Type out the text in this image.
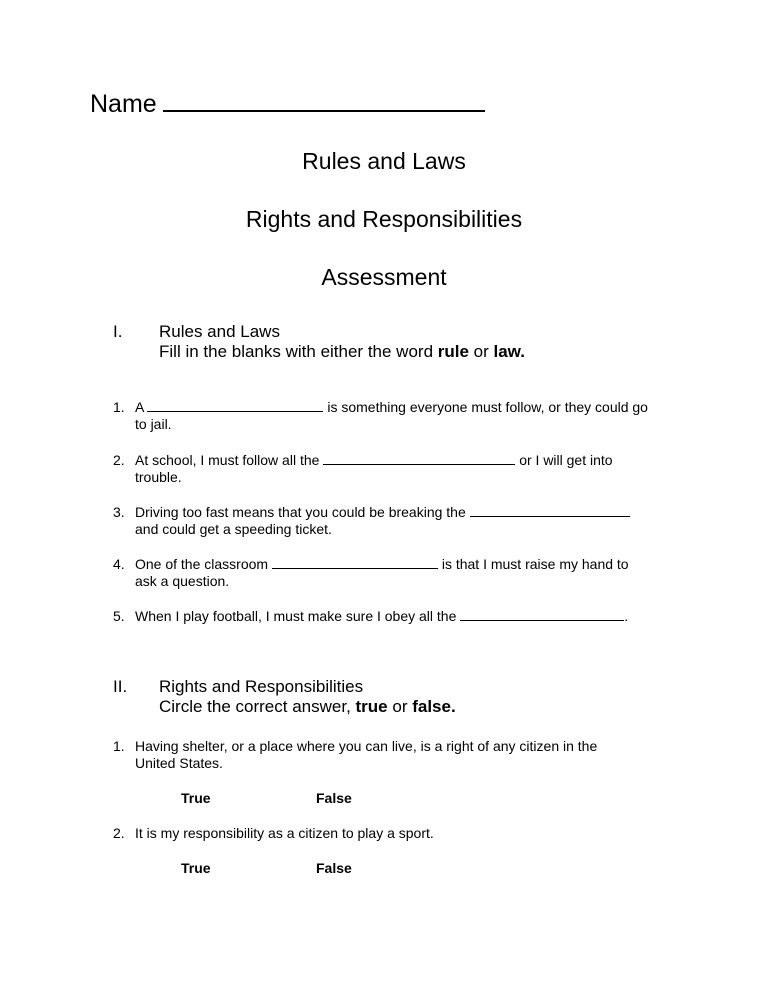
Name
Rules and Laws
Rights and Responsibilities
Assessment
I. Rules and Laws
Fill in the blanks with either the word rule or law.
1. A	is something everyone must follow, or they could go
to jail.
2. At school, I must follow all the	or I will get into
trouble.
3. Driving too fast means that you could be breaking the
and could get a speeding ticket.
4. One of the classroom	is that I must raise my hand to
ask a question.
5. When I play football, I must make sure I obey all the	.
II. Rights and Responsibilities
Circle the correct answer, true or false.
1. Having shelter, or a place where you can live, is a right of any citizen in the
United States.
True	False
2. It is my responsibility as a citizen to play a sport.
True	False
